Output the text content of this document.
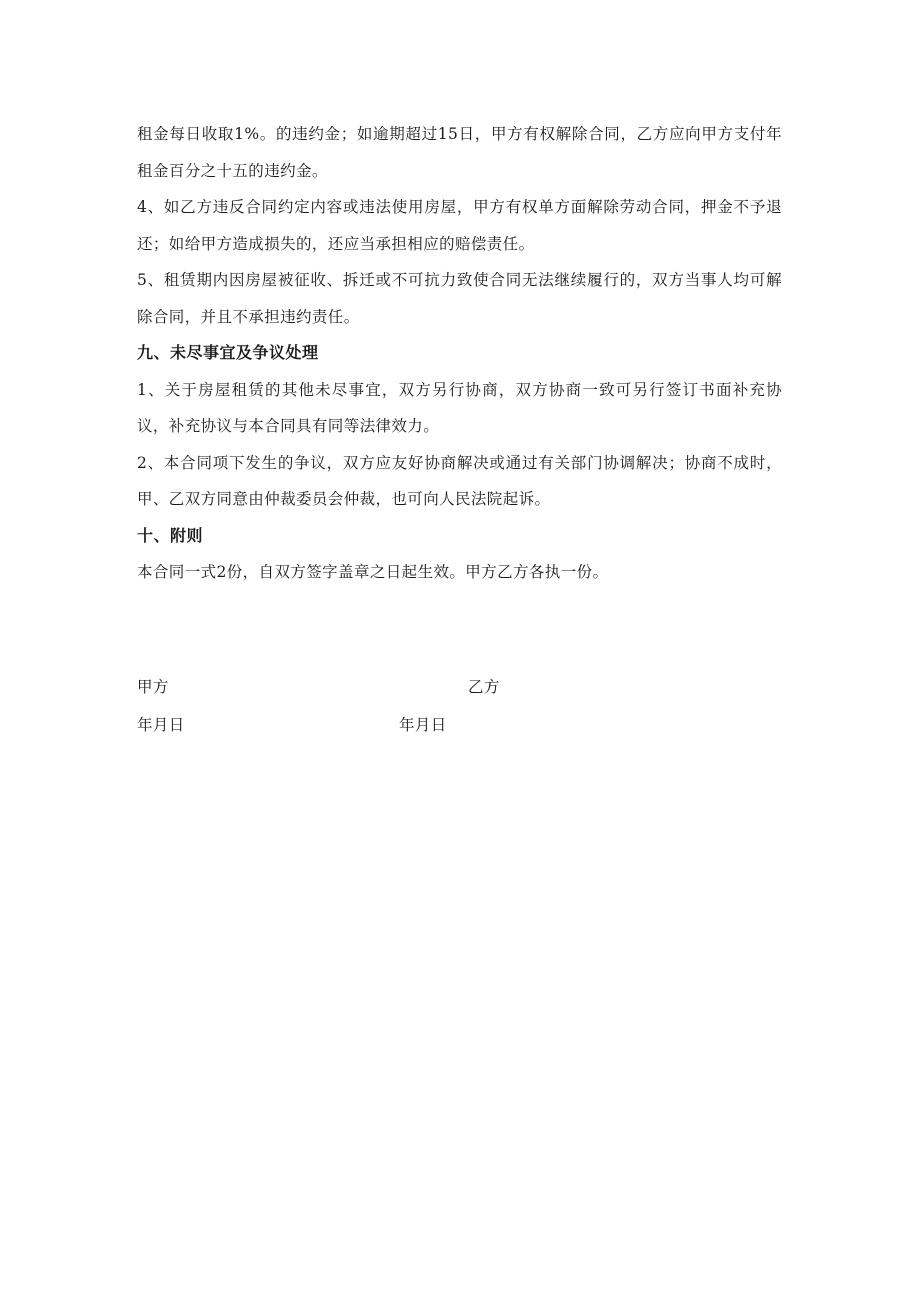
租金每日收取1%。的违约金；如逾期超过15日，甲方有权解除合同，乙方应向甲方支付年租金百分之十五的违约金。

4、如乙方违反合同约定内容或违法使用房屋，甲方有权单方面解除劳动合同，押金不予退还；如给甲方造成损失的，还应当承担相应的赔偿责任。

5、租赁期内因房屋被征收、拆迁或不可抗力致使合同无法继续履行的，双方当事人均可解除合同，并且不承担违约责任。

九、未尽事宜及争议处理

1、关于房屋租赁的其他未尽事宜，双方另行协商，双方协商一致可另行签订书面补充协议，补充协议与本合同具有同等法律效力。

2、本合同项下发生的争议，双方应友好协商解决或通过有关部门协调解决；协商不成时，甲、乙双方同意由仲裁委员会仲裁，也可向人民法院起诉。

十、附则

本合同一式2份，自双方签字盖章之日起生效。甲方乙方各执一份。

甲方	乙方

年月日	年月日
